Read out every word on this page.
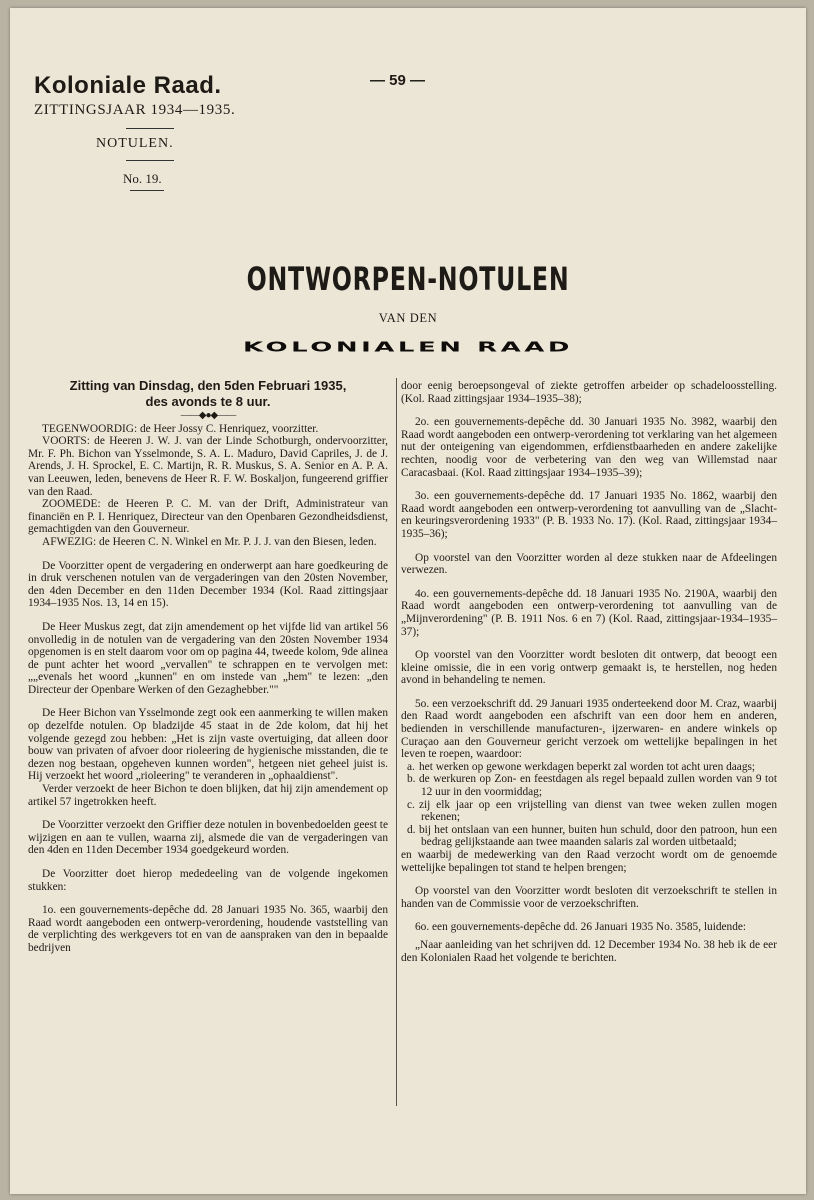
Koloniale Raad.
ZITTINGSJAAR 1934—1935.
NOTULEN.
No. 19.
— 59 —
ONTWORPEN-NOTULEN
VAN DEN
KOLONIALEN RAAD

Zitting van Dinsdag, den 5den Februari 1935,

des avonds te 8 uur.

——◆●◆——

TEGENWOORDIG: de Heer Jossy C. Henriquez, voorzitter.

VOORTS: de Heeren J. W. J. van der Linde Schotburgh, ondervoorzitter, Mr. F. Ph. Bichon van Ysselmonde, S. A. L. Maduro, David Capriles, J. de J. Arends, J. H. Sprockel, E. C. Martijn, R. R. Muskus, S. A. Senior en A. P. A. van Leeuwen, leden, benevens de Heer R. F. W. Boskaljon, fungeerend griffier van den Raad.

ZOOMEDE: de Heeren P. C. M. van der Drift, Administrateur van financiën en P. I. Henriquez, Directeur van den Openbaren Gezondheidsdienst, gemachtigden van den Gouverneur.

AFWEZIG: de Heeren C. N. Winkel en Mr. P. J. J. van den Biesen, leden.

De Voorzitter opent de vergadering en onderwerpt aan hare goedkeuring de in druk verschenen notulen van de vergaderingen van den 20sten November, den 4den December en den 11den December 1934 (Kol. Raad zittingsjaar 1934–1935 Nos. 13, 14 en 15).

De Heer Muskus zegt, dat zijn amendement op het vijfde lid van artikel 56 onvolledig in de notulen van de vergadering van den 20sten November 1934 opgenomen is en stelt daarom voor om op pagina 44, tweede kolom, 9de alinea de punt achter het woord „vervallen" te schrappen en te vervolgen met: „„evenals het woord „kunnen" en om instede van „hem" te lezen: „den Directeur der Openbare Werken of den Gezaghebber.""

De Heer Bichon van Ysselmonde zegt ook een aanmerking te willen maken op dezelfde notulen. Op bladzijde 45 staat in de 2de kolom, dat hij het volgende gezegd zou hebben: „Het is zijn vaste overtuiging, dat alleen door bouw van privaten of afvoer door rioleering de hygienische misstanden, die te dezen nog bestaan, opgeheven kunnen worden", hetgeen niet geheel juist is. Hij verzoekt het woord „rioleering" te veranderen in „ophaaldienst".

Verder verzoekt de heer Bichon te doen blijken, dat hij zijn amendement op artikel 57 ingetrokken heeft.

De Voorzitter verzoekt den Griffier deze notulen in bovenbedoelden geest te wijzigen en aan te vullen, waarna zij, alsmede die van de vergaderingen van den 4den en 11den December 1934 goedgekeurd worden.

De Voorzitter doet hierop mededeeling van de volgende ingekomen stukken:

1o. een gouvernements-depêche dd. 28 Januari 1935 No. 365, waarbij den Raad wordt aangeboden een ontwerp-verordening, houdende vaststelling van de verplichting des werkgevers tot en van de aanspraken van den in bepaalde bedrijven

door eenig beroepsongeval of ziekte getroffen arbeider op schadeloosstelling. (Kol. Raad zittingsjaar 1934–1935–38);

2o. een gouvernements-depêche dd. 30 Januari 1935 No. 3982, waarbij den Raad wordt aangeboden een ontwerp-verordening tot verklaring van het algemeen nut der onteigening van eigendommen, erfdienstbaarheden en andere zakelijke rechten, noodig voor de verbetering van den weg van Willemstad naar Caracasbaai. (Kol. Raad zittingsjaar 1934–1935–39);

3o. een gouvernements-depêche dd. 17 Januari 1935 No. 1862, waarbij den Raad wordt aangeboden een ontwerp-verordening tot aanvulling van de „Slacht- en keuringsverordening 1933" (P. B. 1933 No. 17). (Kol. Raad, zittingsjaar 1934–1935–36);

Op voorstel van den Voorzitter worden al deze stukken naar de Afdeelingen verwezen.

4o. een gouvernements-depêche dd. 18 Januari 1935 No. 2190A, waarbij den Raad wordt aangeboden een ontwerp-verordening tot aanvulling van de „Mijnverordening" (P. B. 1911 Nos. 6 en 7) (Kol. Raad, zittingsjaar-1934–1935–37);

Op voorstel van den Voorzitter wordt besloten dit ontwerp, dat beoogt een kleine omissie, die in een vorig ontwerp gemaakt is, te herstellen, nog heden avond in behandeling te nemen.

5o. een verzoekschrift dd. 29 Januari 1935 onderteekend door M. Craz, waarbij den Raad wordt aangeboden een afschrift van een door hem en anderen, bedienden in verschillende manufacturen-, ijzerwaren- en andere winkels op Curaçao aan den Gouverneur gericht verzoek om wettelijke bepalingen in het leven te roepen, waardoor:

a. het werken op gewone werkdagen beperkt zal worden tot acht uren daags;

b. de werkuren op Zon- en feestdagen als regel bepaald zullen worden van 9 tot 12 uur in den voormiddag;

c. zij elk jaar op een vrijstelling van dienst van twee weken zullen mogen rekenen;

d. bij het ontslaan van een hunner, buiten hun schuld, door den patroon, hun een bedrag gelijkstaande aan twee maanden salaris zal worden uitbetaald;

en waarbij de medewerking van den Raad verzocht wordt om de genoemde wettelijke bepalingen tot stand te helpen brengen;

Op voorstel van den Voorzitter wordt besloten dit verzoekschrift te stellen in handen van de Commissie voor de verzoekschriften.

6o. een gouvernements-depêche dd. 26 Januari 1935 No. 3585, luidende:

„Naar aanleiding van het schrijven dd. 12 December 1934 No. 38 heb ik de eer den Kolonialen Raad het volgende te berichten.
